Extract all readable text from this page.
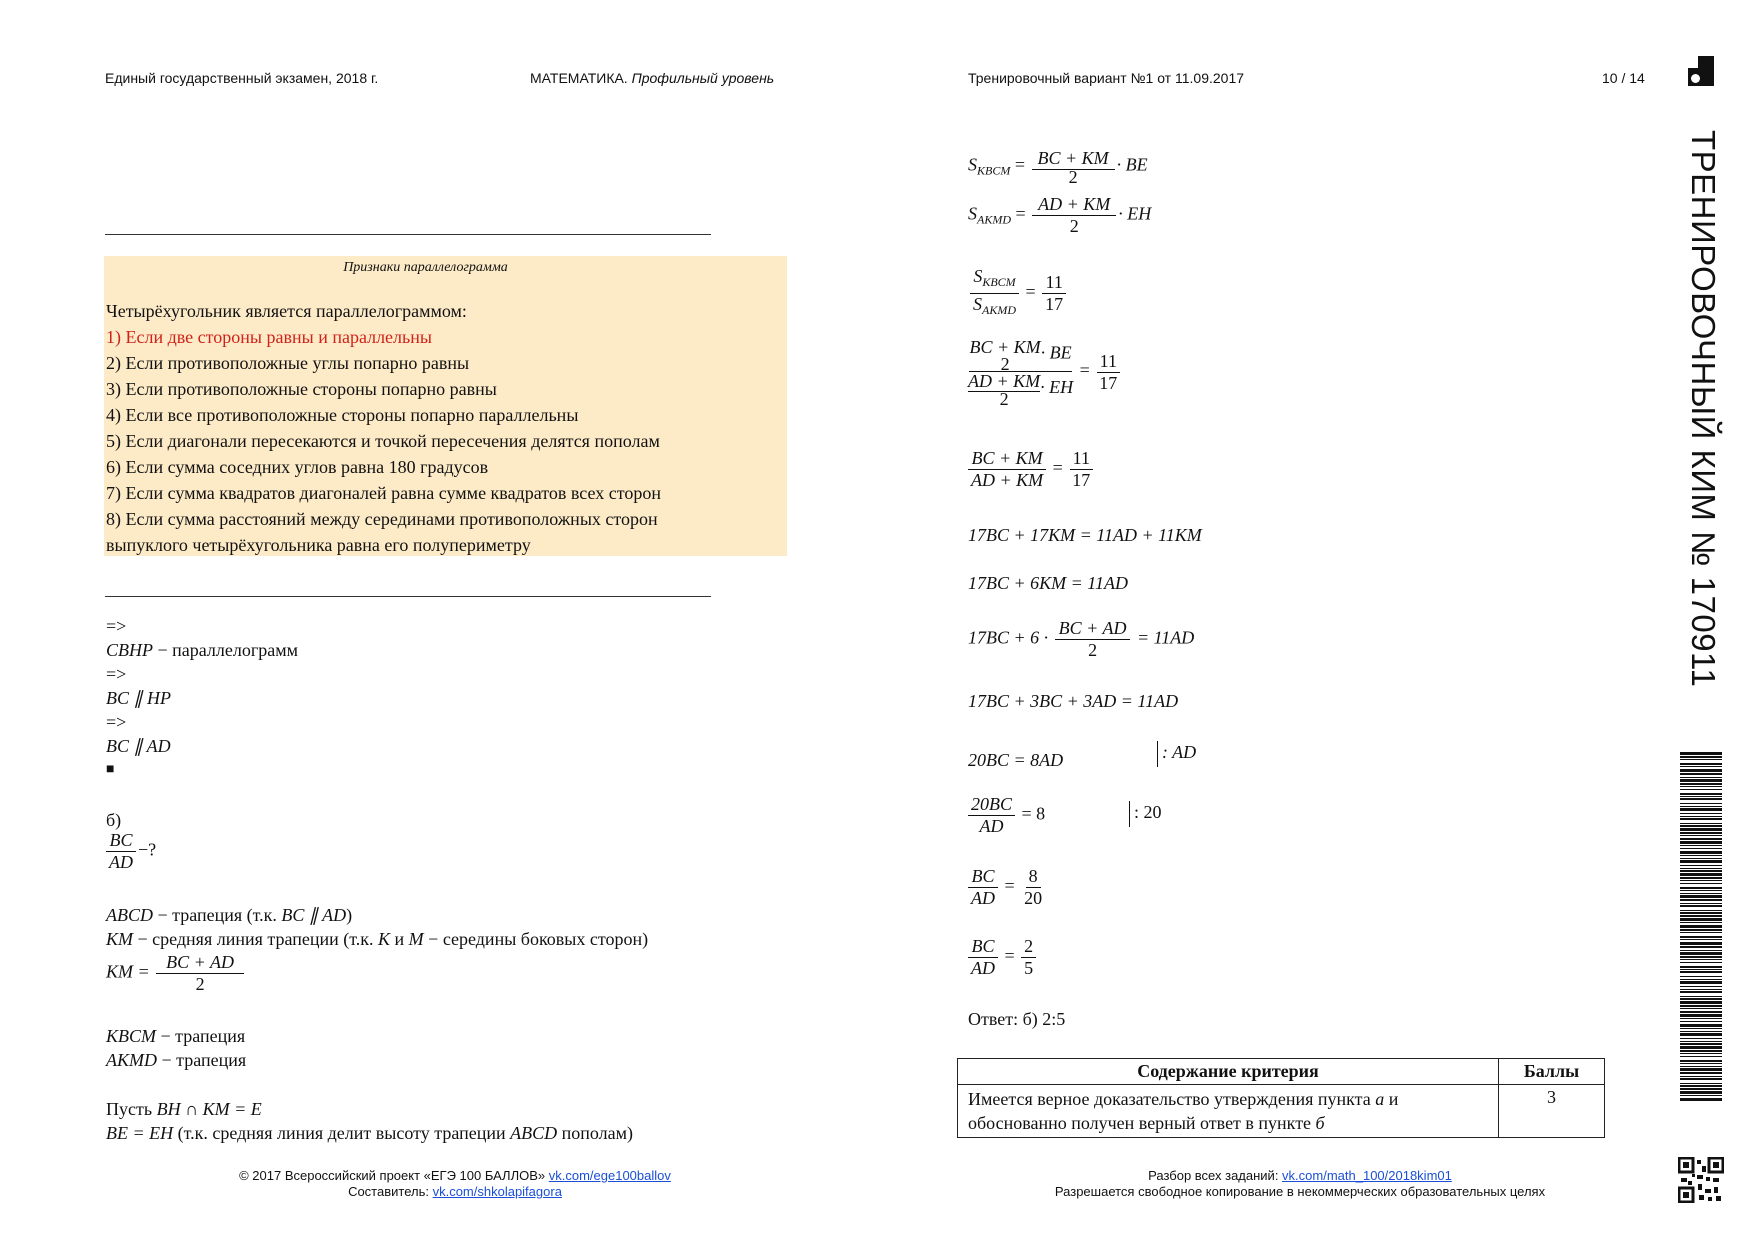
Единый государственный экзамен, 2018 г.	МАТЕМАТИКА. Профильный уровень	Тренировочный вариант №1 от 11.09.2017	10 / 14
ТРЕНИРОВОЧНЫЙ КИМ № 170911
Признаки параллелограмма
Четырёхугольник является параллелограммом:
1) Если две стороны равны и параллельны
2) Если противоположные углы попарно равны
3) Если противоположные стороны попарно равны
4) Если все противоположные стороны попарно параллельны
5) Если диагонали пересекаются и точкой пересечения делятся пополам
6) Если сумма соседних углов равна 180 градусов
7) Если сумма квадратов диагоналей равна сумме квадратов всех сторон
8) Если сумма расстояний между серединами противоположных сторон
выпуклого четырёхугольника равна его полупериметру
=>
CBHP − параллелограмм
=>
BC ∥ HP
=>
BC ∥ AD
■
б)
$\frac{BC}{AD}$ −?
ABCD − трапеция (т.к. BC ∥ AD)
KM − средняя линия трапеции (т.к. K и M − середины боковых сторон)
KM = $\frac{BC + AD}{2}$
KBCM − трапеция
AKMD − трапеция
Пусть BH ∩ KM = E
BE = EH (т.к. средняя линия делит высоту трапеции ABCD пополам)
$S_{KBCM} = \frac{BC + KM}{2}$ · BE
$S_{AKMD} = \frac{AD + KM}{2}$ · EH
$\frac{S_{KBCM}}{S_{AKMD}} = \frac{11}{17}$
BC + KM
2
· BE
$\frac{AD + KM}{2}$ · EH = $\frac{11}{17}$
$\frac{BC + KM}{AD + KM} = \frac{11}{17}$
17BC + 17KM = 11AD + 11KM
17BC + 6KM = 11AD
$17BC + 6 \cdot \frac{BC + AD}{2} = 11AD$
17BC + 3BC + 3AD = 11AD
20BC = 8AD	: AD
$\frac{20BC}{AD} = 8$	: 20
$\frac{BC}{AD} = \frac{8}{20}$
$\frac{BC}{AD} = \frac{2}{5}$
Ответ: б) 2:5
Содержание критерия	Баллы
Имеется верное доказательство утверждения пункта а и
обоснованно получен верный ответ в пункте б	3
© 2017 Всероссийский проект «ЕГЭ 100 БАЛЛОВ» vk.com/ege100ballov
Составитель: vk.com/shkolapifagora
Разбор всех заданий: vk.com/math_100/2018kim01
Разрешается свободное копирование в некоммерческих образовательных целях
